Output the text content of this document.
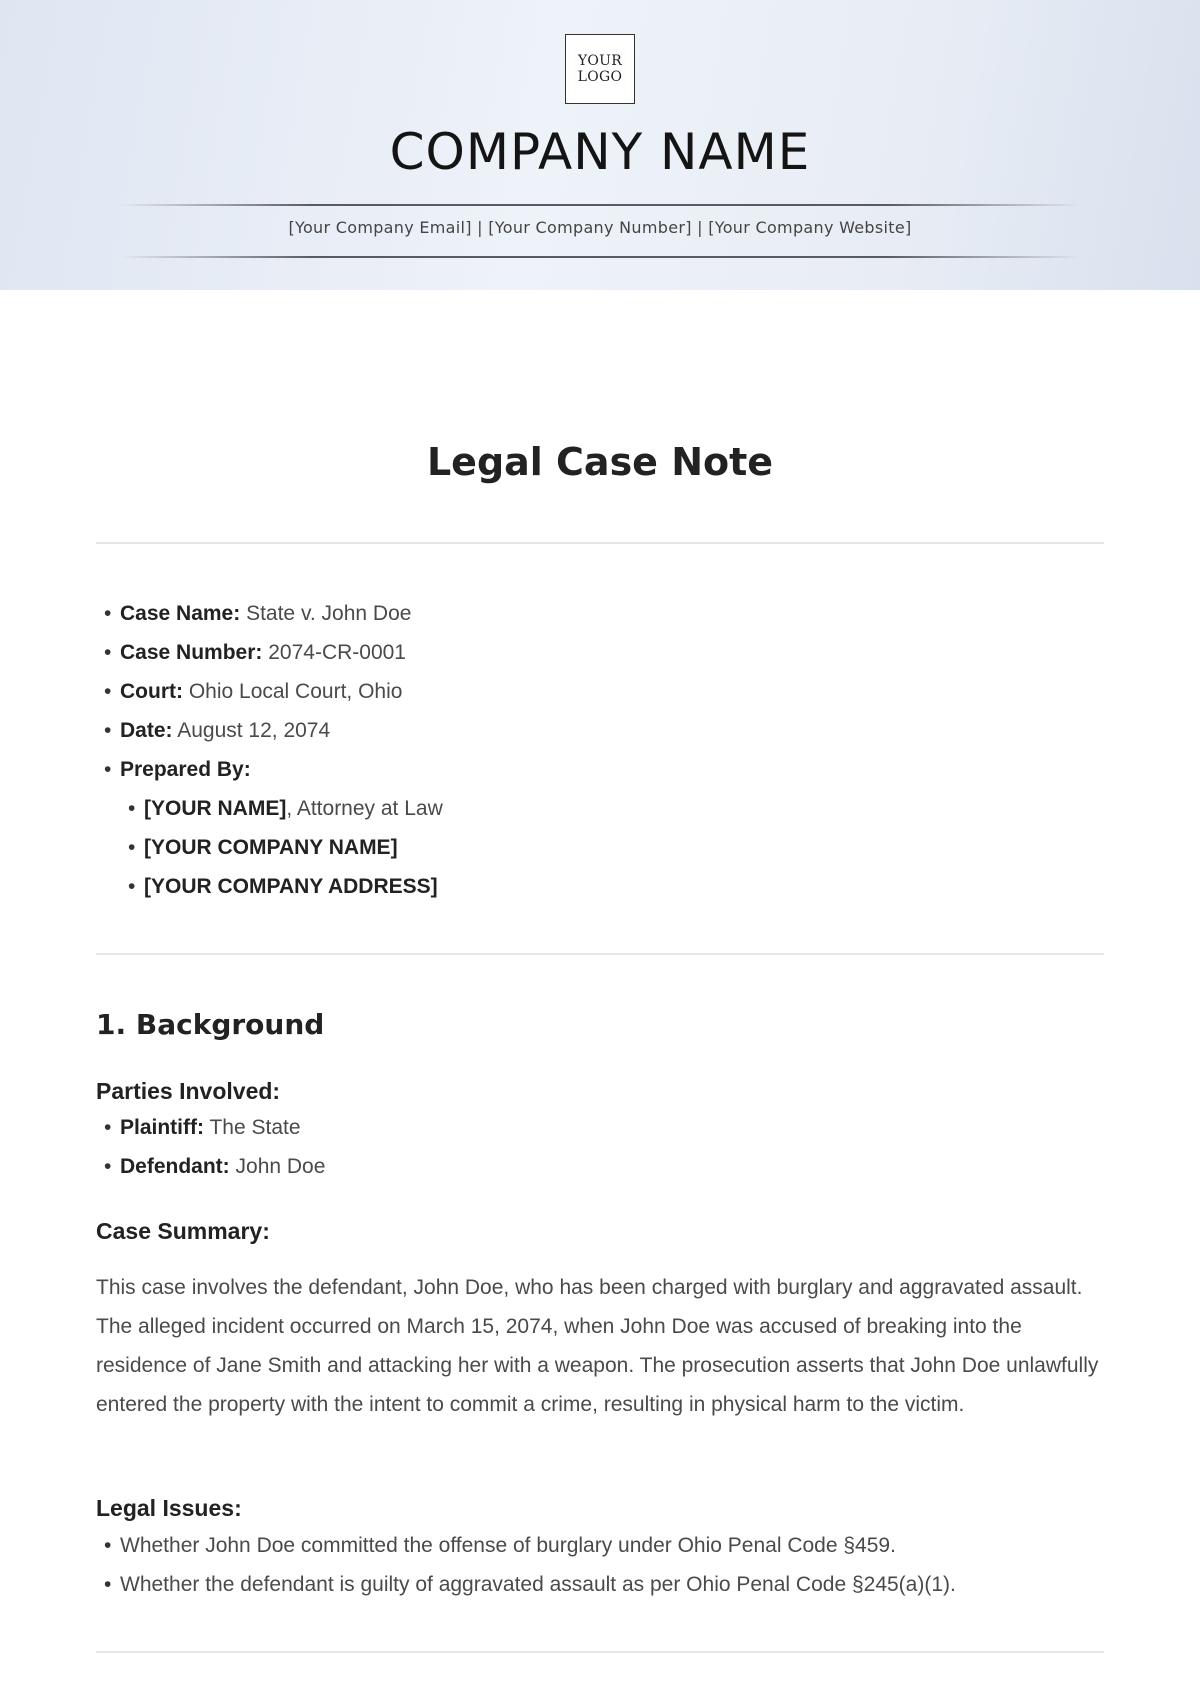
YOUR
LOGO
COMPANY NAME
[Your Company Email] | [Your Company Number] | [Your Company Website]
Legal Case Note
• Case Name: State v. John Doe
• Case Number: 2074-CR-0001
• Court: Ohio Local Court, Ohio
• Date: August 12, 2074
• Prepared By:
• [YOUR NAME], Attorney at Law
• [YOUR COMPANY NAME]
• [YOUR COMPANY ADDRESS]
1. Background
Parties Involved:
• Plaintiff: The State
• Defendant: John Doe
Case Summary:

This case involves the defendant, John Doe, who has been charged with burglary and aggravated assault. The alleged incident occurred on March 15, 2074, when John Doe was accused of breaking into the residence of Jane Smith and attacking her with a weapon. The prosecution asserts that John Doe unlawfully entered the property with the intent to commit a crime, resulting in physical harm to the victim.

Legal Issues:
• Whether John Doe committed the offense of burglary under Ohio Penal Code §459.
• Whether the defendant is guilty of aggravated assault as per Ohio Penal Code §245(a)(1).
